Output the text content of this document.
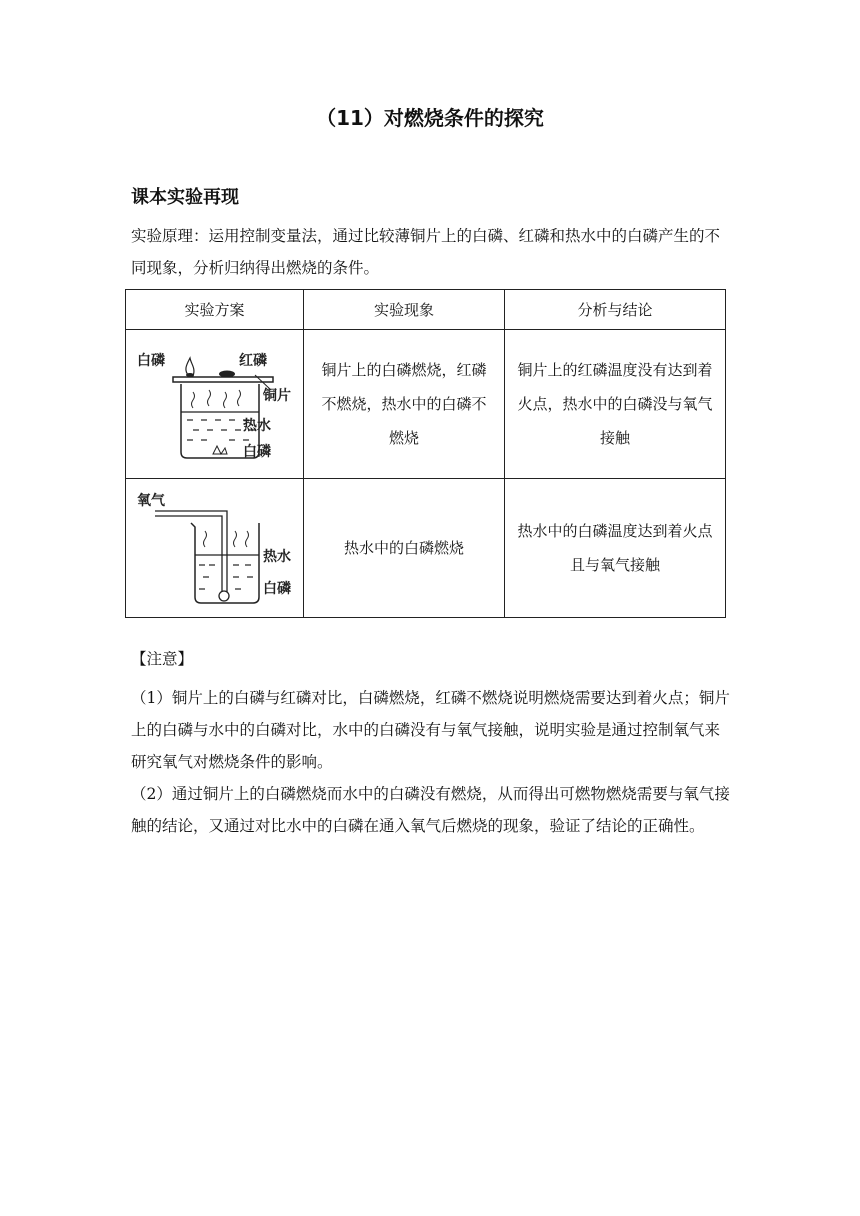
（11）对燃烧条件的探究
课本实验再现
实验原理：运用控制变量法，通过比较薄铜片上的白磷、红磷和热水中的白磷产生的不同现象，分析归纳得出燃烧的条件。
实验方案	实验现象	分析与结论

白磷 红磷
铜片
热水
白磷	铜片上的白磷燃烧，红磷不燃烧，热水中的白磷不燃烧	铜片上的红磷温度没有达到着火点，热水中的白磷没与氧气接触

氧气
热水
白磷	热水中的白磷燃烧	热水中的白磷温度达到着火点且与氧气接触
【注意】

（1）铜片上的白磷与红磷对比，白磷燃烧，红磷不燃烧说明燃烧需要达到着火点；铜片上的白磷与水中的白磷对比，水中的白磷没有与氧气接触，说明实验是通过控制氧气来研究氧气对燃烧条件的影响。

（2）通过铜片上的白磷燃烧而水中的白磷没有燃烧，从而得出可燃物燃烧需要与氧气接触的结论，又通过对比水中的白磷在通入氧气后燃烧的现象，验证了结论的正确性。
